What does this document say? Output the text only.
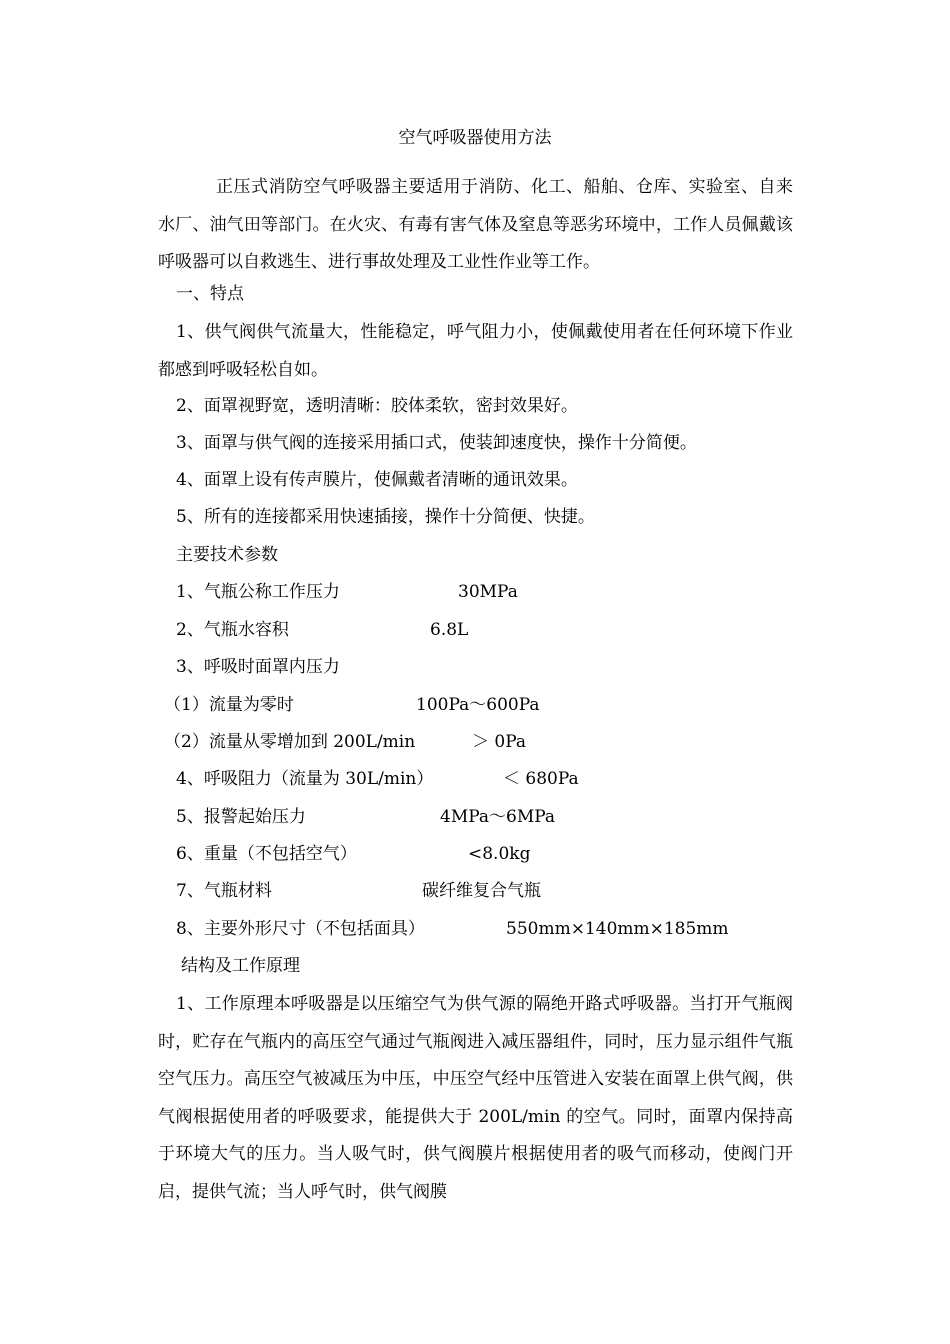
空气呼吸器使用方法
正压式消防空气呼吸器主要适用于消防、化工、船舶、仓库、实验室、自来水厂、油气田等部门。在火灾、有毒有害气体及窒息等恶劣环境中，工作人员佩戴该呼吸器可以自救逃生、进行事故处理及工业性作业等工作。
一、特点
1、供气阀供气流量大，性能稳定，呼气阻力小，使佩戴使用者在任何环境下作业都感到呼吸轻松自如。
2、面罩视野宽，透明清晰：胶体柔软，密封效果好。
3、面罩与供气阀的连接采用插口式，使装卸速度快，操作十分简便。
4、面罩上设有传声膜片，使佩戴者清晰的通讯效果。
5、所有的连接都采用快速插接，操作十分简便、快捷。
主要技术参数
1、气瓶公称工作压力	30MPa
2、气瓶水容积	6.8L
3、呼吸时面罩内压力
（1）流量为零时	100Pa～600Pa
（2）流量从零增加到 200L/min	＞ 0Pa
4、呼吸阻力（流量为 30L/min）	＜ 680Pa
5、报警起始压力	4MPa～6MPa
6、重量（不包括空气）	<8.0kg
7、气瓶材料	碳纤维复合气瓶
8、主要外形尺寸（不包括面具）	550mm×140mm×185mm
结构及工作原理
1、工作原理本呼吸器是以压缩空气为供气源的隔绝开路式呼吸器。当打开气瓶阀时，贮存在气瓶内的高压空气通过气瓶阀进入减压器组件，同时，压力显示组件气瓶空气压力。高压空气被减压为中压，中压空气经中压管进入安装在面罩上供气阀，供气阀根据使用者的呼吸要求，能提供大于 200L/min 的空气。同时，面罩内保持高于环境大气的压力。当人吸气时，供气阀膜片根据使用者的吸气而移动，使阀门开启，提供气流；当人呼气时，供气阀膜
